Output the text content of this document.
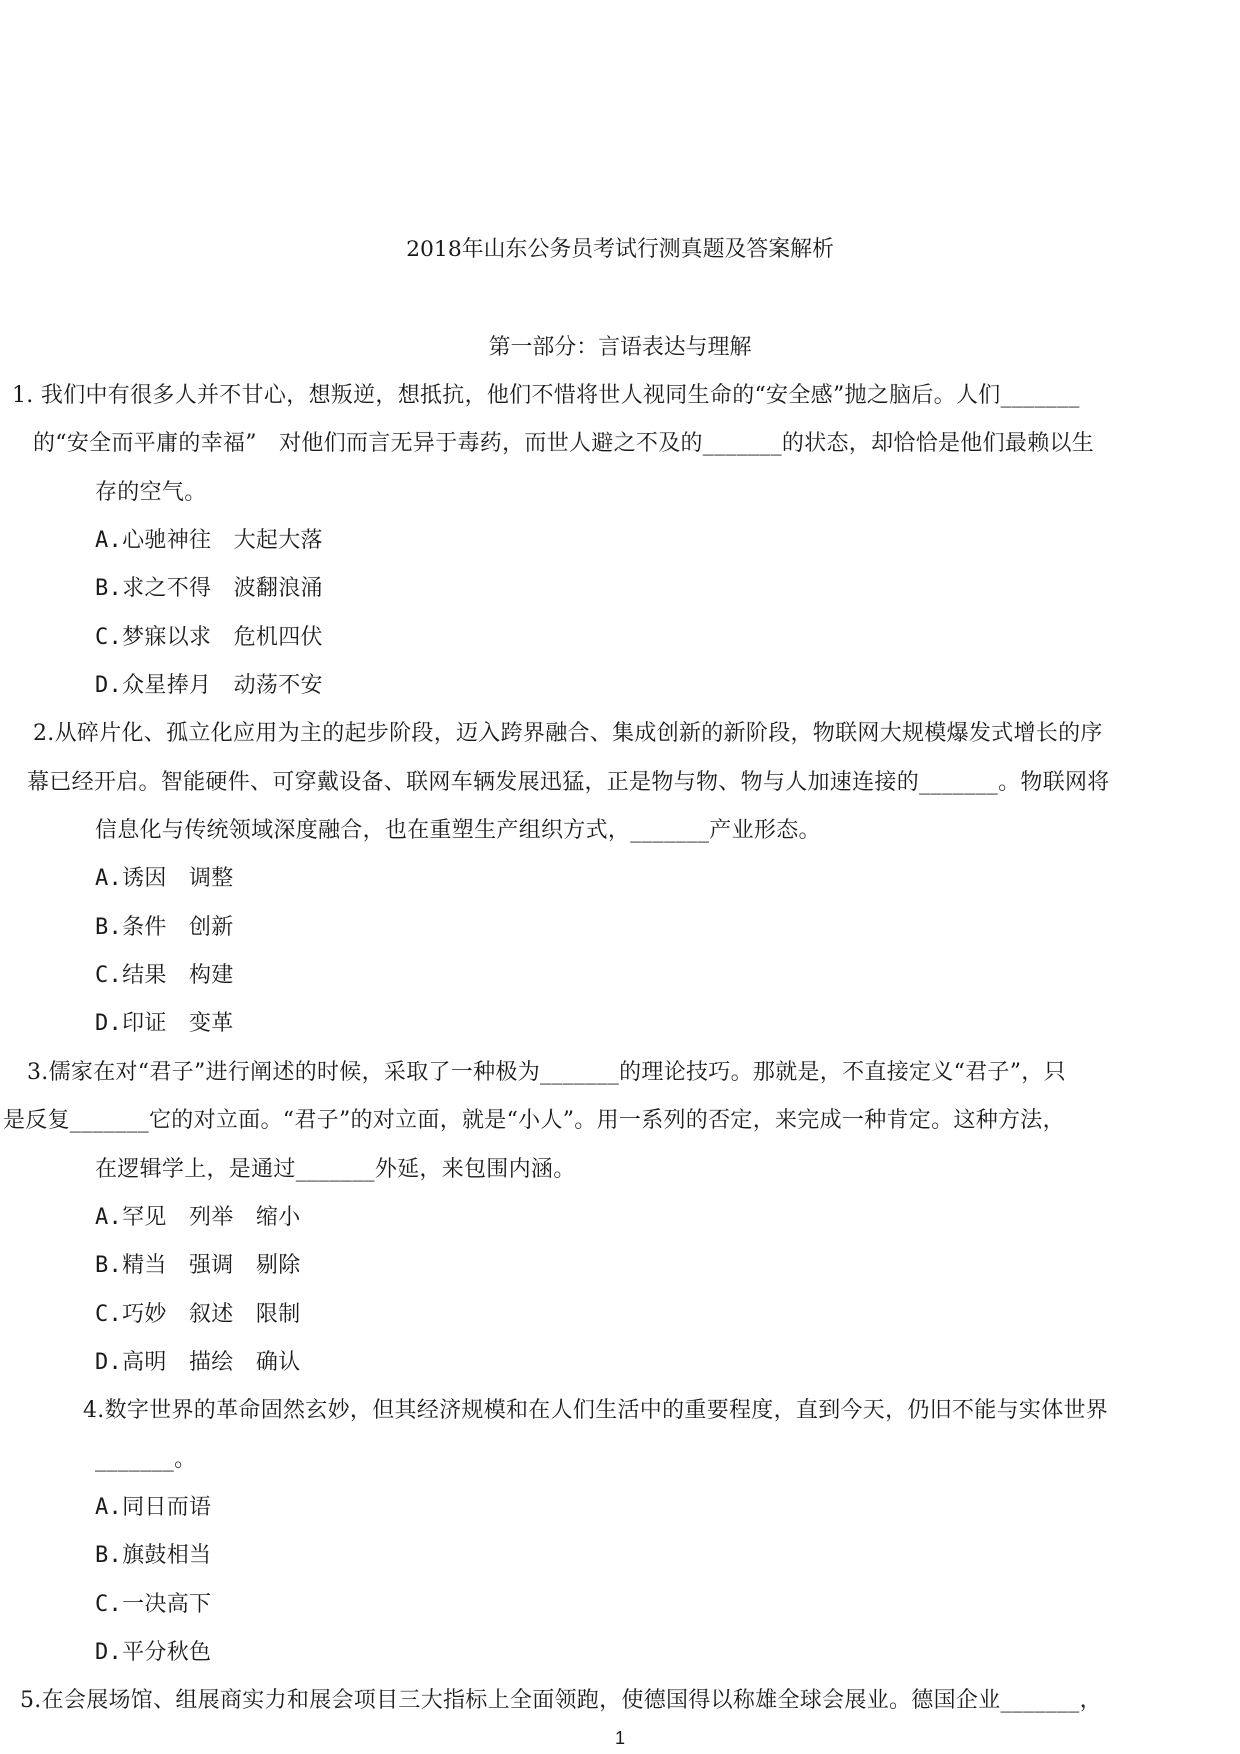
2018年山东公务员考试行测真题及答案解析
第一部分：言语表达与理解
1. 我们中有很多人并不甘心，想叛逆，想抵抗，他们不惜将世人视同生命的“安全感”抛之脑后。人们_______
的“安全而平庸的幸福”　对他们而言无异于毒药，而世人避之不及的_______的状态，却恰恰是他们最赖以生
存的空气。
A.心驰神往　大起大落
B.求之不得　波翻浪涌
C.梦寐以求　危机四伏
D.众星捧月　动荡不安
2.从碎片化、孤立化应用为主的起步阶段，迈入跨界融合、集成创新的新阶段，物联网大规模爆发式增长的序
幕已经开启。智能硬件、可穿戴设备、联网车辆发展迅猛，正是物与物、物与人加速连接的_______。物联网将
信息化与传统领域深度融合，也在重塑生产组织方式，_______产业形态。
A.诱因　调整
B.条件　创新
C.结果　构建
D.印证　变革
3.儒家在对“君子”进行阐述的时候，采取了一种极为_______的理论技巧。那就是，不直接定义“君子”，只
是反复_______它的对立面。“君子”的对立面，就是“小人”。用一系列的否定，来完成一种肯定。这种方法，
在逻辑学上，是通过_______外延，来包围内涵。
A.罕见　列举　缩小
B.精当　强调　剔除
C.巧妙　叙述　限制
D.高明　描绘　确认
4.数字世界的革命固然玄妙，但其经济规模和在人们生活中的重要程度，直到今天，仍旧不能与实体世界
_______。
A.同日而语
B.旗鼓相当
C.一决高下
D.平分秋色
5.在会展场馆、组展商实力和展会项目三大指标上全面领跑，使德国得以称雄全球会展业。德国企业_______，
1
